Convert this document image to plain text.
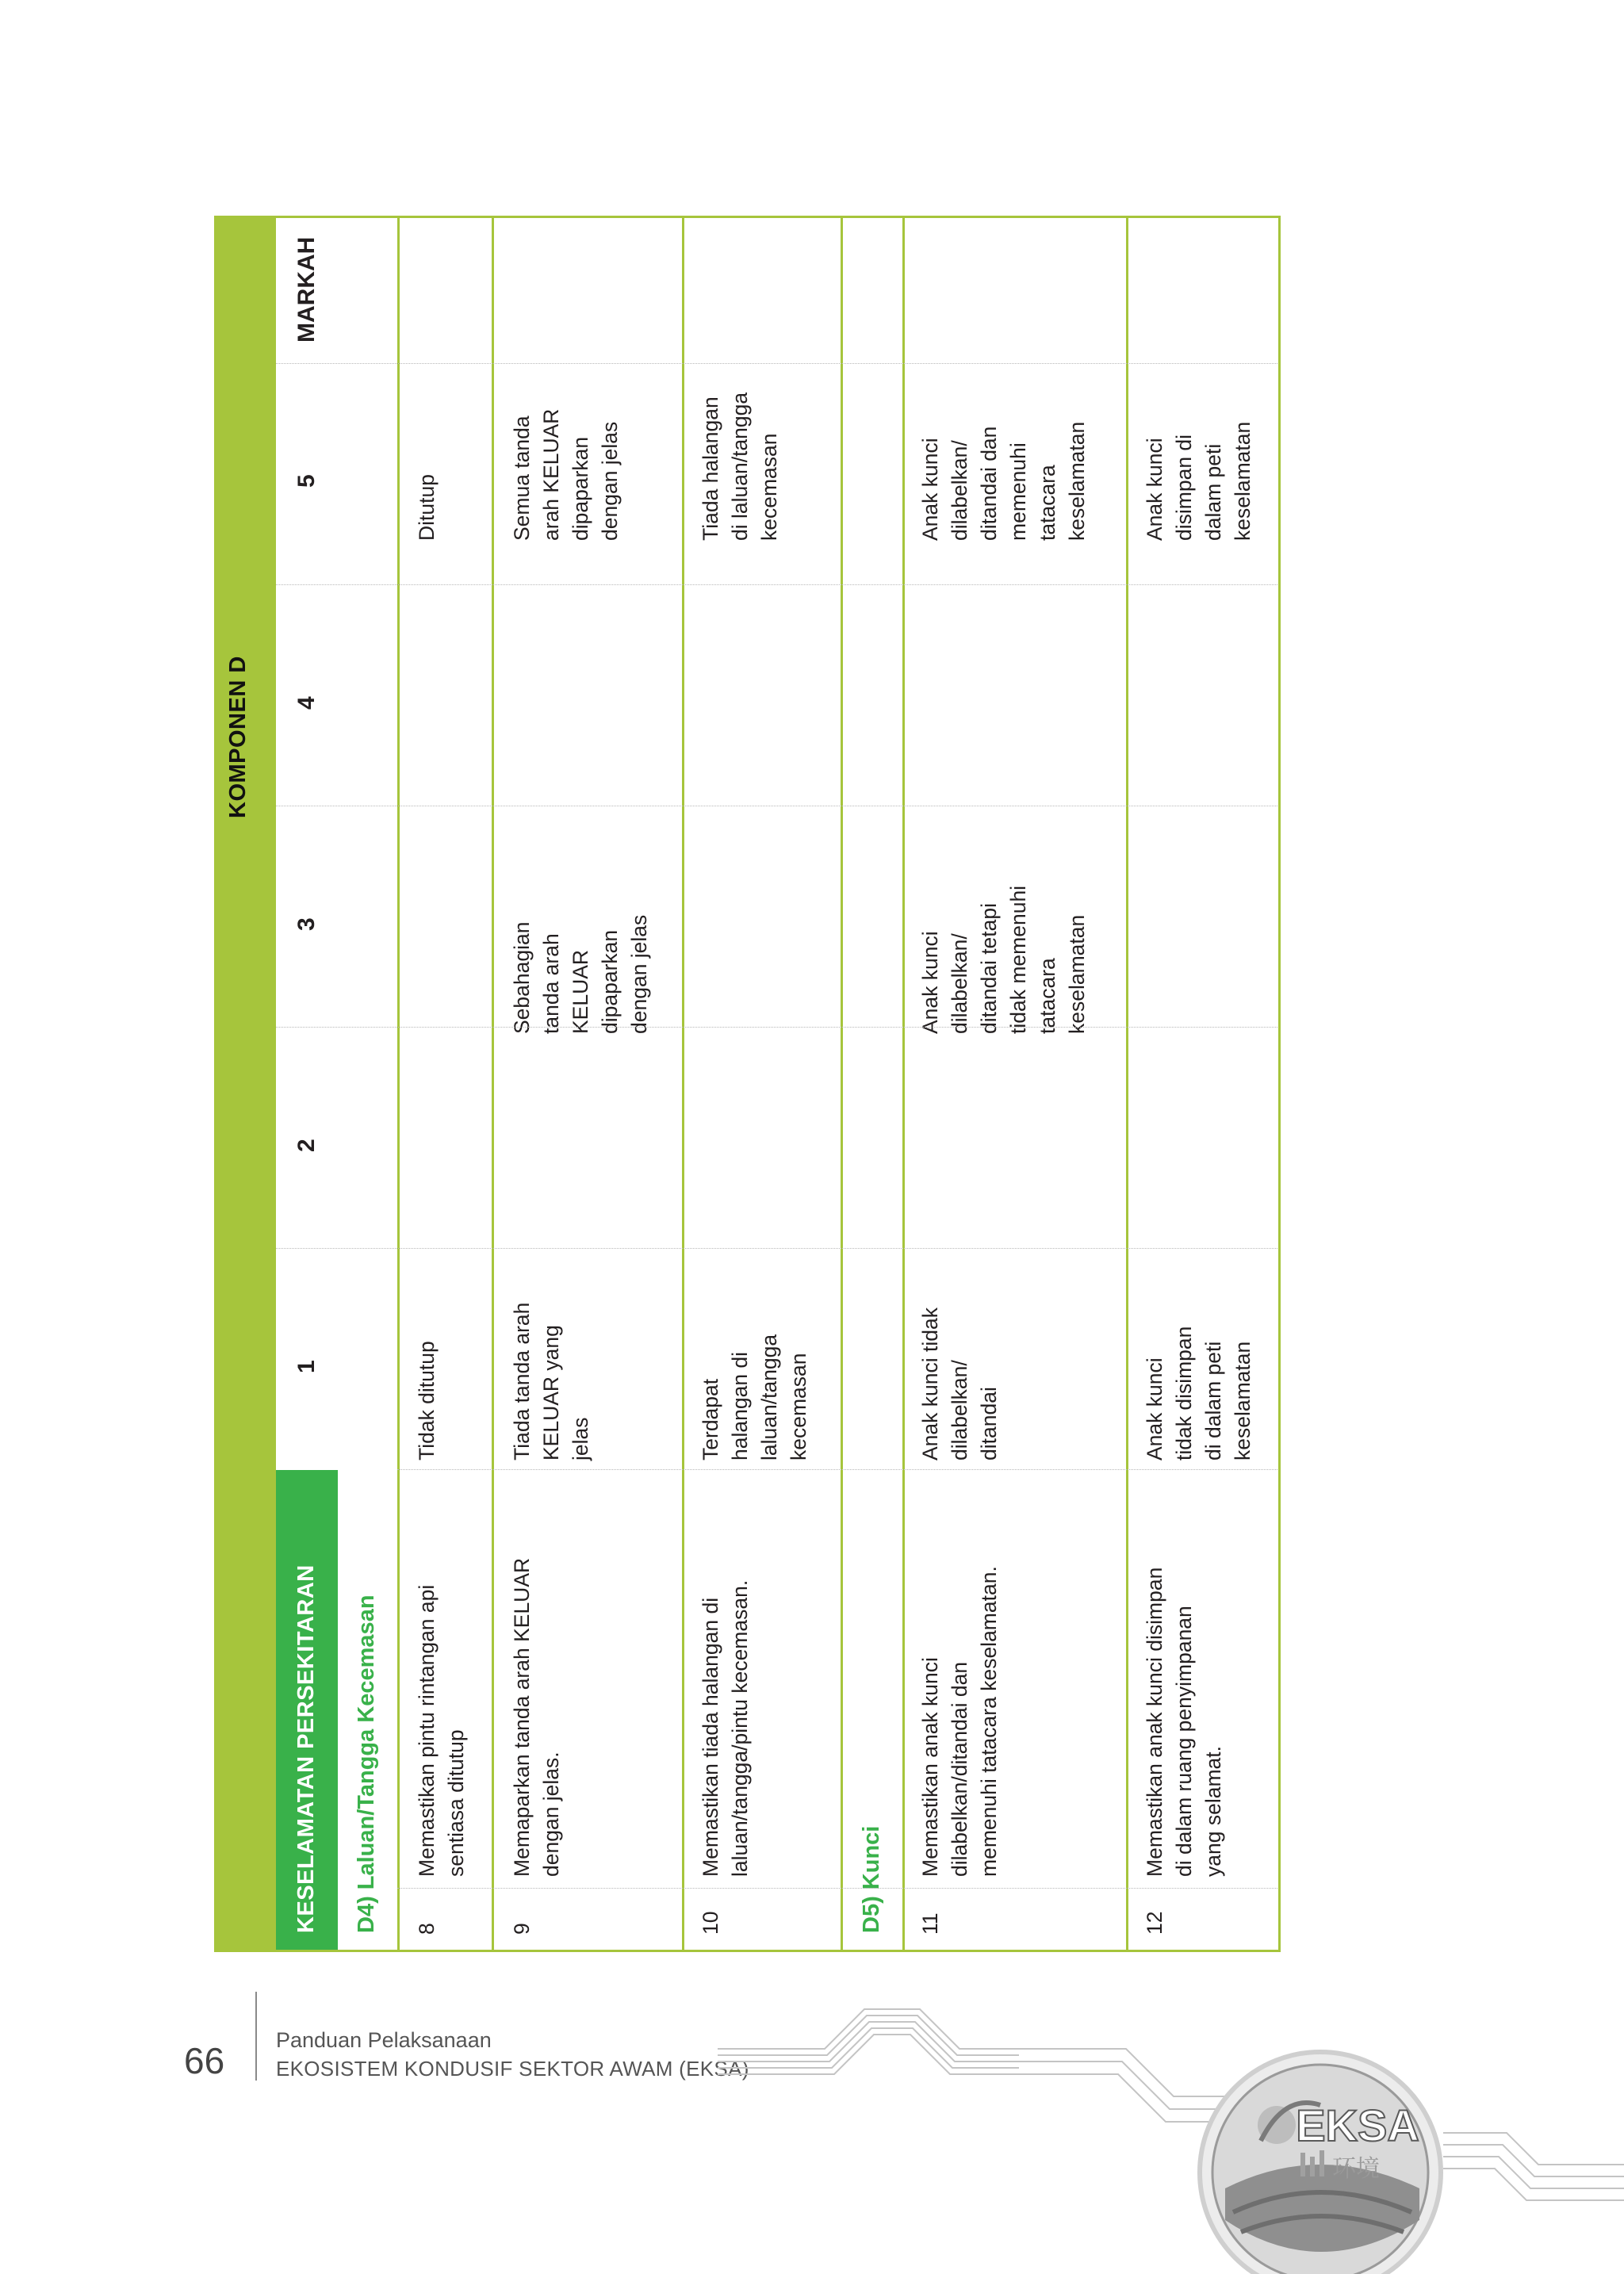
KOMPONEN D
KESELAMATAN PERSEKITARAN
1
2
3
4
5
MARKAH
D4) Laluan/Tangga Kecemasan 8
Memastikan pintu rintangan api sentiasa ditutup
Tidak ditutup
Ditutup
9
Memaparkan tanda arah KELUAR dengan jelas.
Tiada tanda arah KELUAR yang jelas
Sebahagian tanda arah KELUAR dipaparkan dengan jelas
Semua tanda arah KELUAR dipaparkan dengan jelas
10
Memastikan tiada halangan di laluan/tangga/pintu kecemasan.
Terdapat halangan di laluan/tangga kecemasan
Tiada halangan di laluan/tangga kecemasan
D5) Kunci 11
Memastikan anak kunci dilabelkan/ditandai dan memenuhi tatacara keselamatan.
Anak kunci tidak dilabelkan/ ditandai
Anak kunci dilabelkan/ ditandai tetapi tidak memenuhi tatacara keselamatan
Anak kunci dilabelkan/ ditandai dan memenuhi tatacara keselamatan
12
Memastikan anak kunci disimpan di dalam ruang penyimpanan yang selamat.
Anak kunci tidak disimpan di dalam peti keselamatan
Anak kunci disimpan di dalam peti keselamatan
66 Panduan Pelaksanaan
EKOSISTEM KONDUSIF SEKTOR AWAM (EKSA)
EKSA
环境
